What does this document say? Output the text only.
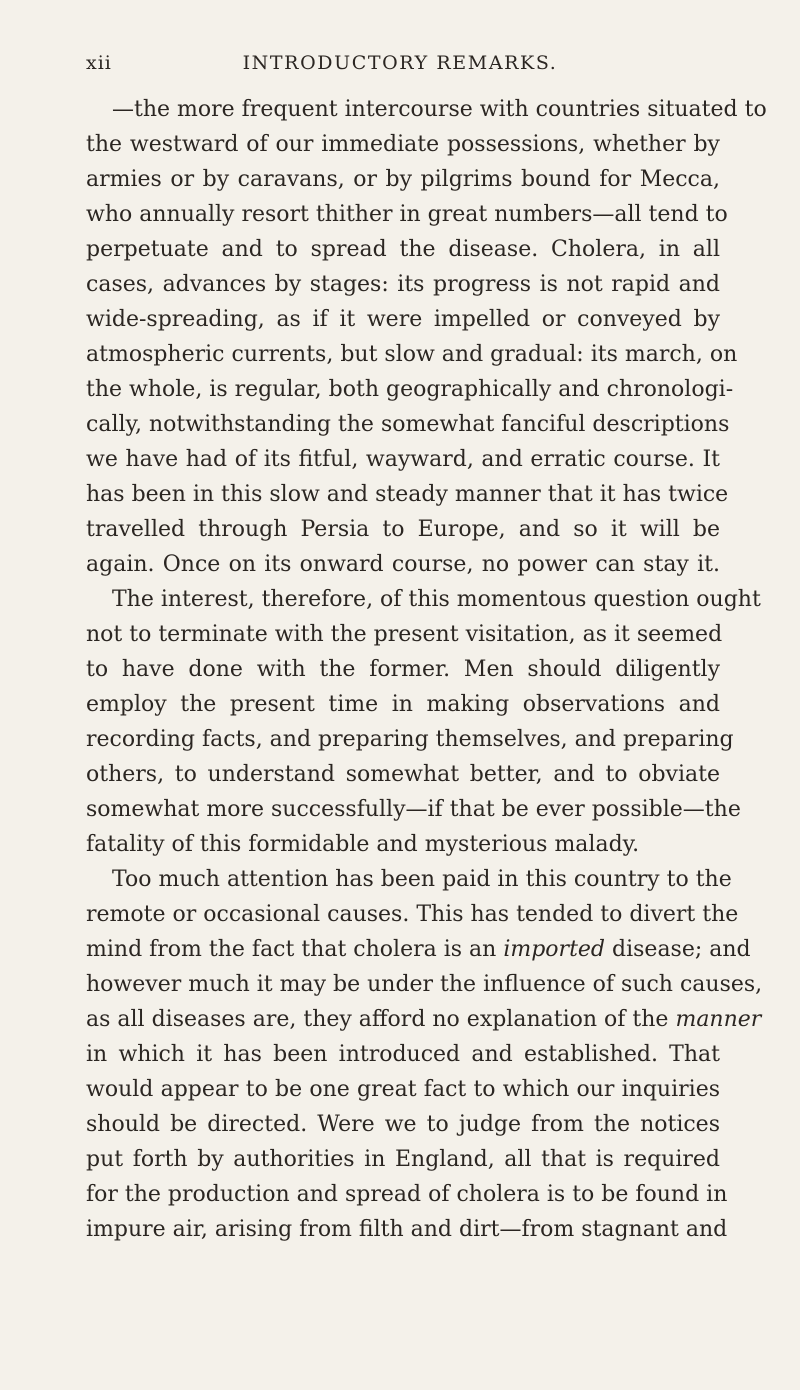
xii	INTRODUCTORY REMARKS.
—the more frequent intercourse with countries situated to
the westward of our immediate possessions, whether by
armies or by caravans, or by pilgrims bound for Mecca,
who annually resort thither in great numbers—all tend to
perpetuate and to spread the disease. Cholera, in all
cases, advances by stages: its progress is not rapid and
wide-spreading, as if it were impelled or conveyed by
atmospheric currents, but slow and gradual: its march, on
the whole, is regular, both geographically and chronologi-
cally, notwithstanding the somewhat fanciful descriptions
we have had of its fitful, wayward, and erratic course. It
has been in this slow and steady manner that it has twice
travelled through Persia to Europe, and so it will be
again. Once on its onward course, no power can stay it.
The interest, therefore, of this momentous question ought
not to terminate with the present visitation, as it seemed
to have done with the former. Men should diligently
employ the present time in making observations and
recording facts, and preparing themselves, and preparing
others, to understand somewhat better, and to obviate
somewhat more successfully—if that be ever possible—the
fatality of this formidable and mysterious malady.
Too much attention has been paid in this country to the
remote or occasional causes. This has tended to divert the
mind from the fact that cholera is an imported disease; and
however much it may be under the influence of such causes,
as all diseases are, they afford no explanation of the manner
in which it has been introduced and established. That
would appear to be one great fact to which our inquiries
should be directed. Were we to judge from the notices
put forth by authorities in England, all that is required
for the production and spread of cholera is to be found in
impure air, arising from filth and dirt—from stagnant and
